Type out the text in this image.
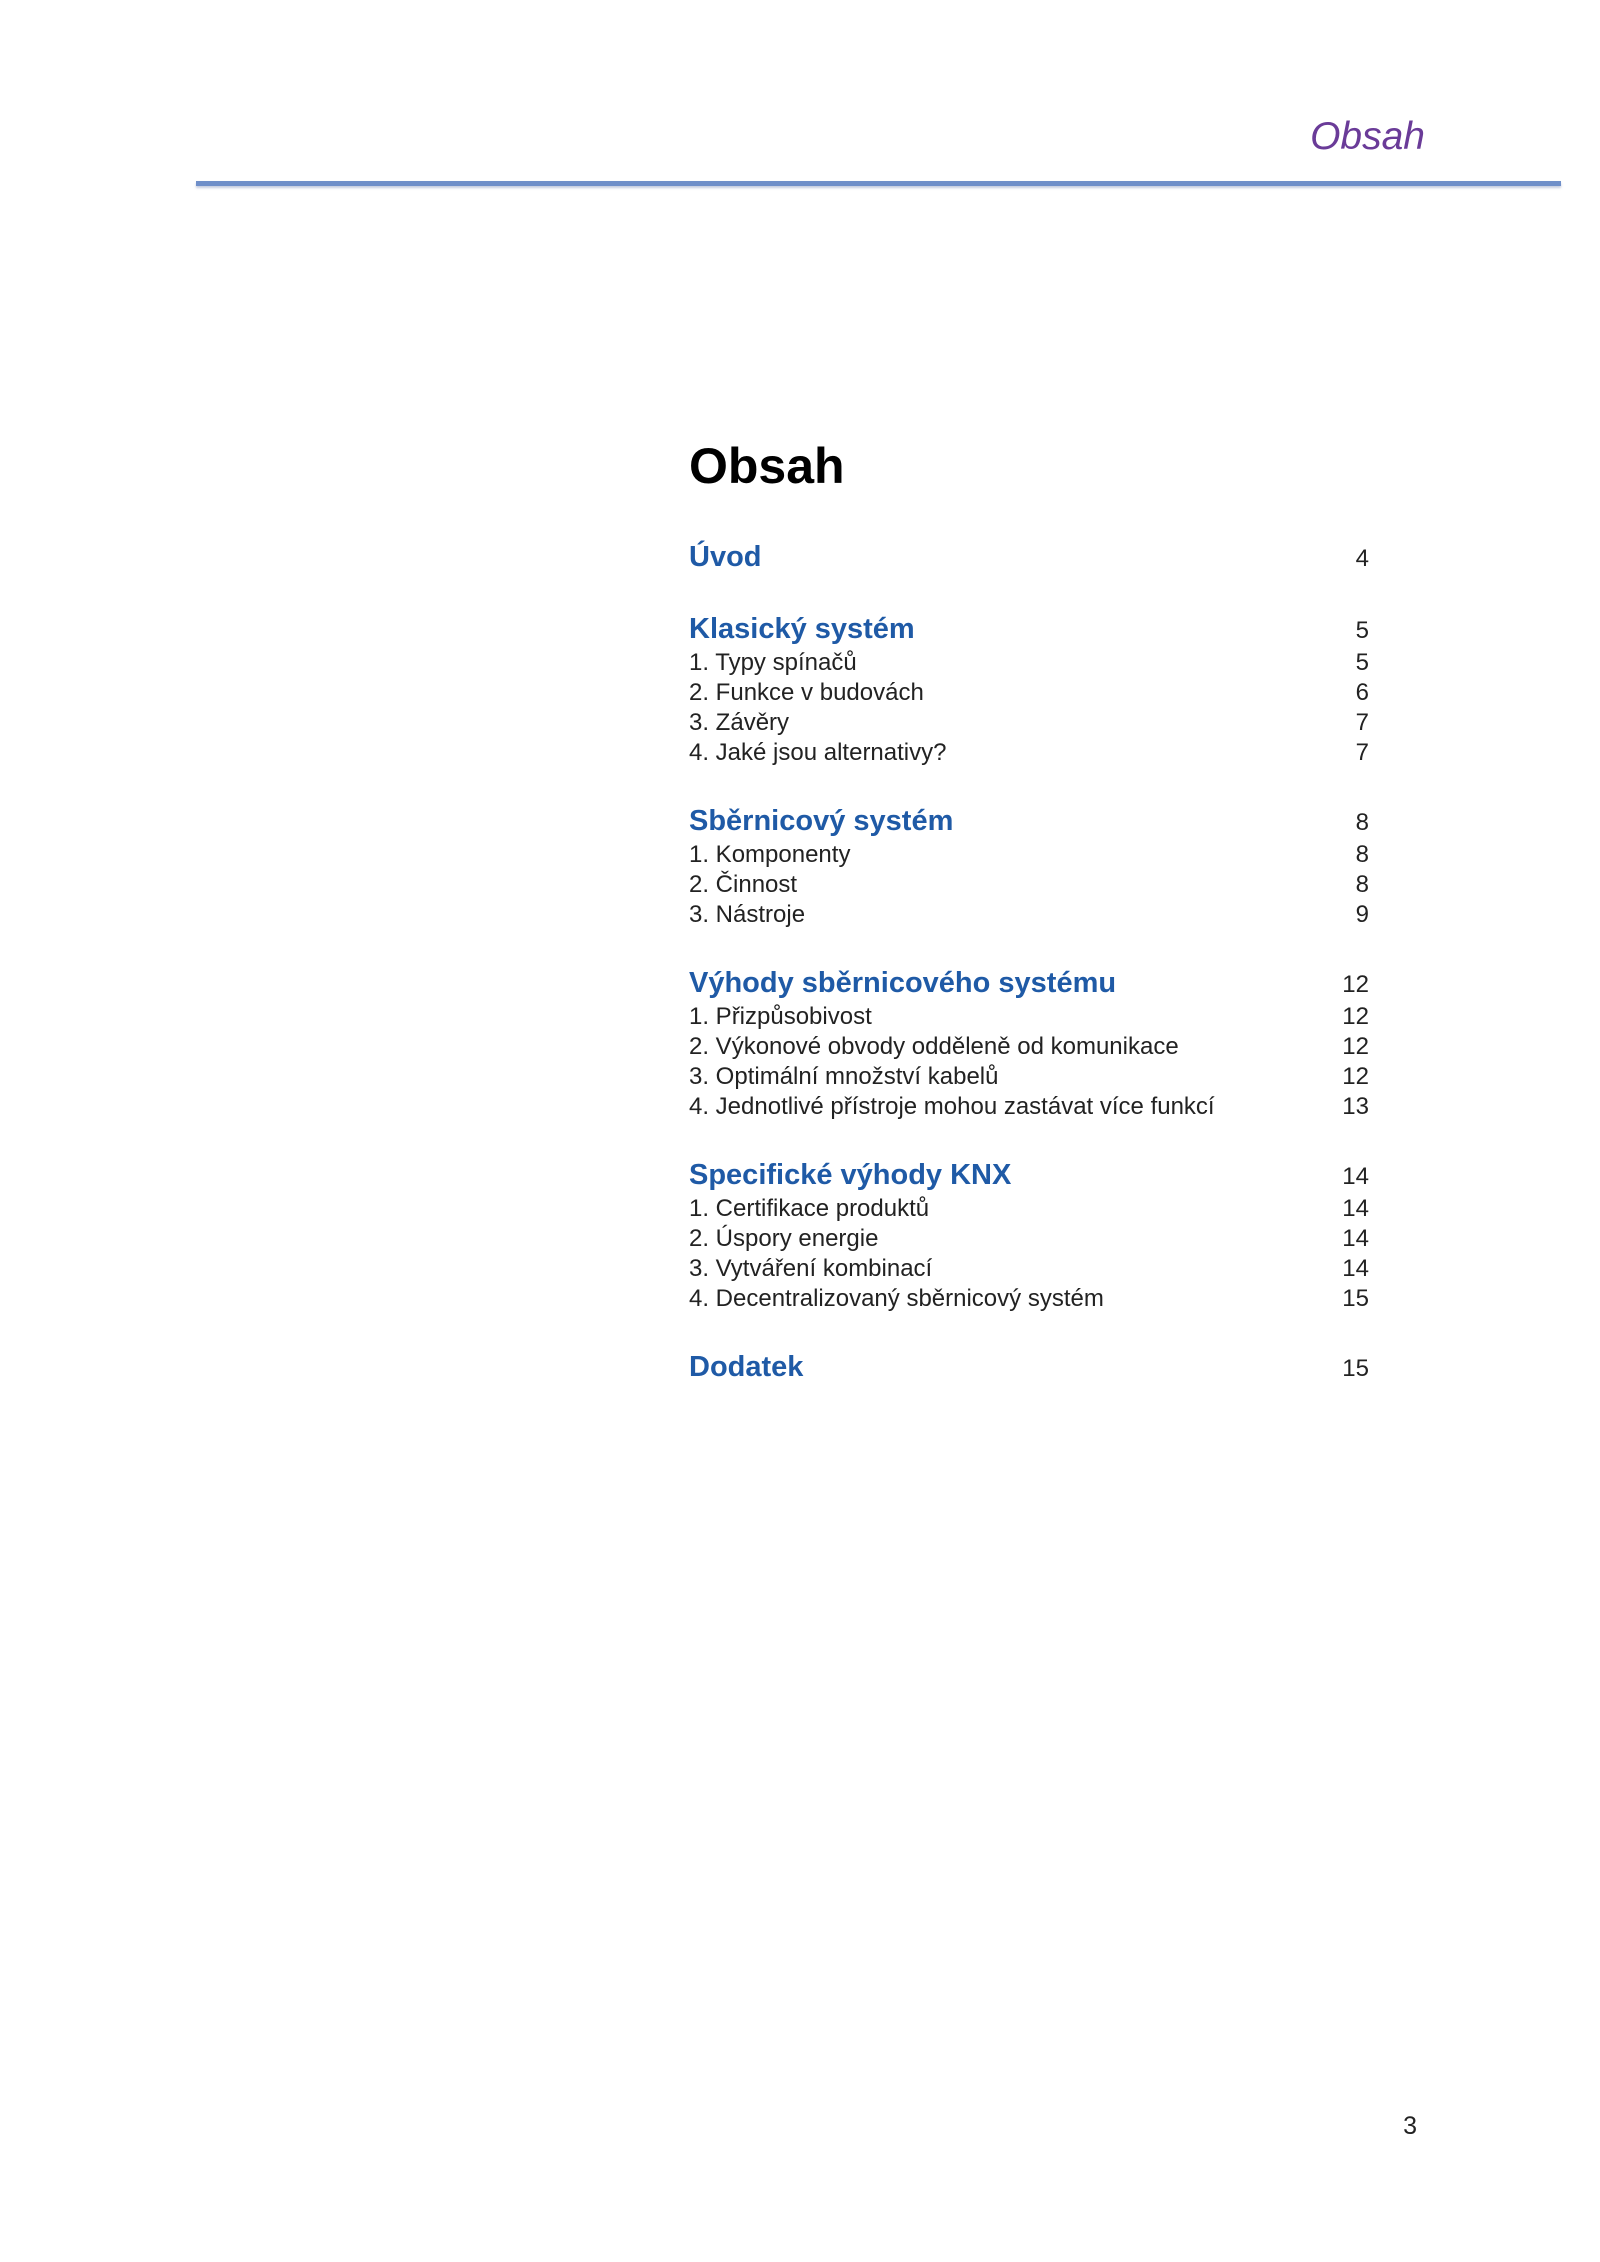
Obsah
Obsah
Úvod	4
Klasický systém	5
1. Typy spínačů	5
2. Funkce v budovách	6
3. Závěry	7
4. Jaké jsou alternativy?	7
Sběrnicový systém	8
1. Komponenty	8
2. Činnost	8
3. Nástroje	9
Výhody sběrnicového systému	12
1. Přizpůsobivost	12
2. Výkonové obvody odděleně od komunikace	12
3. Optimální množství kabelů	12
4. Jednotlivé přístroje mohou zastávat více funkcí	13
Specifické výhody KNX	14
1. Certifikace produktů	14
2. Úspory energie	14
3. Vytváření kombinací	14
4. Decentralizovaný sběrnicový systém	15
Dodatek	15
3
